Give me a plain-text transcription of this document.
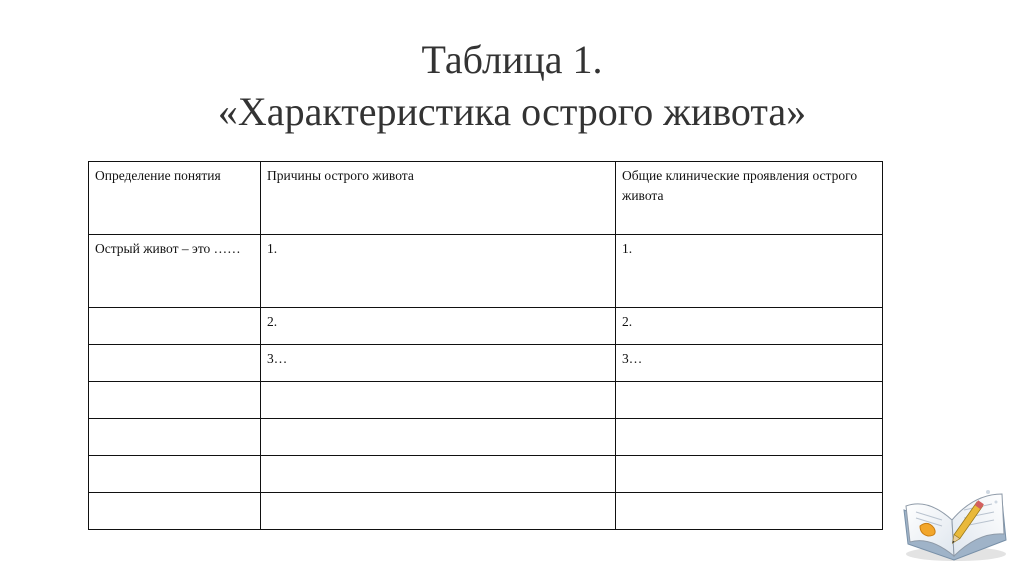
Таблица 1.
«Характеристика острого живота»
Определение понятия	Причины острого живота	Общие клинические проявления острого живота
Острый живот – это ……	1.	1.
	2.	2.
	3…	3…
